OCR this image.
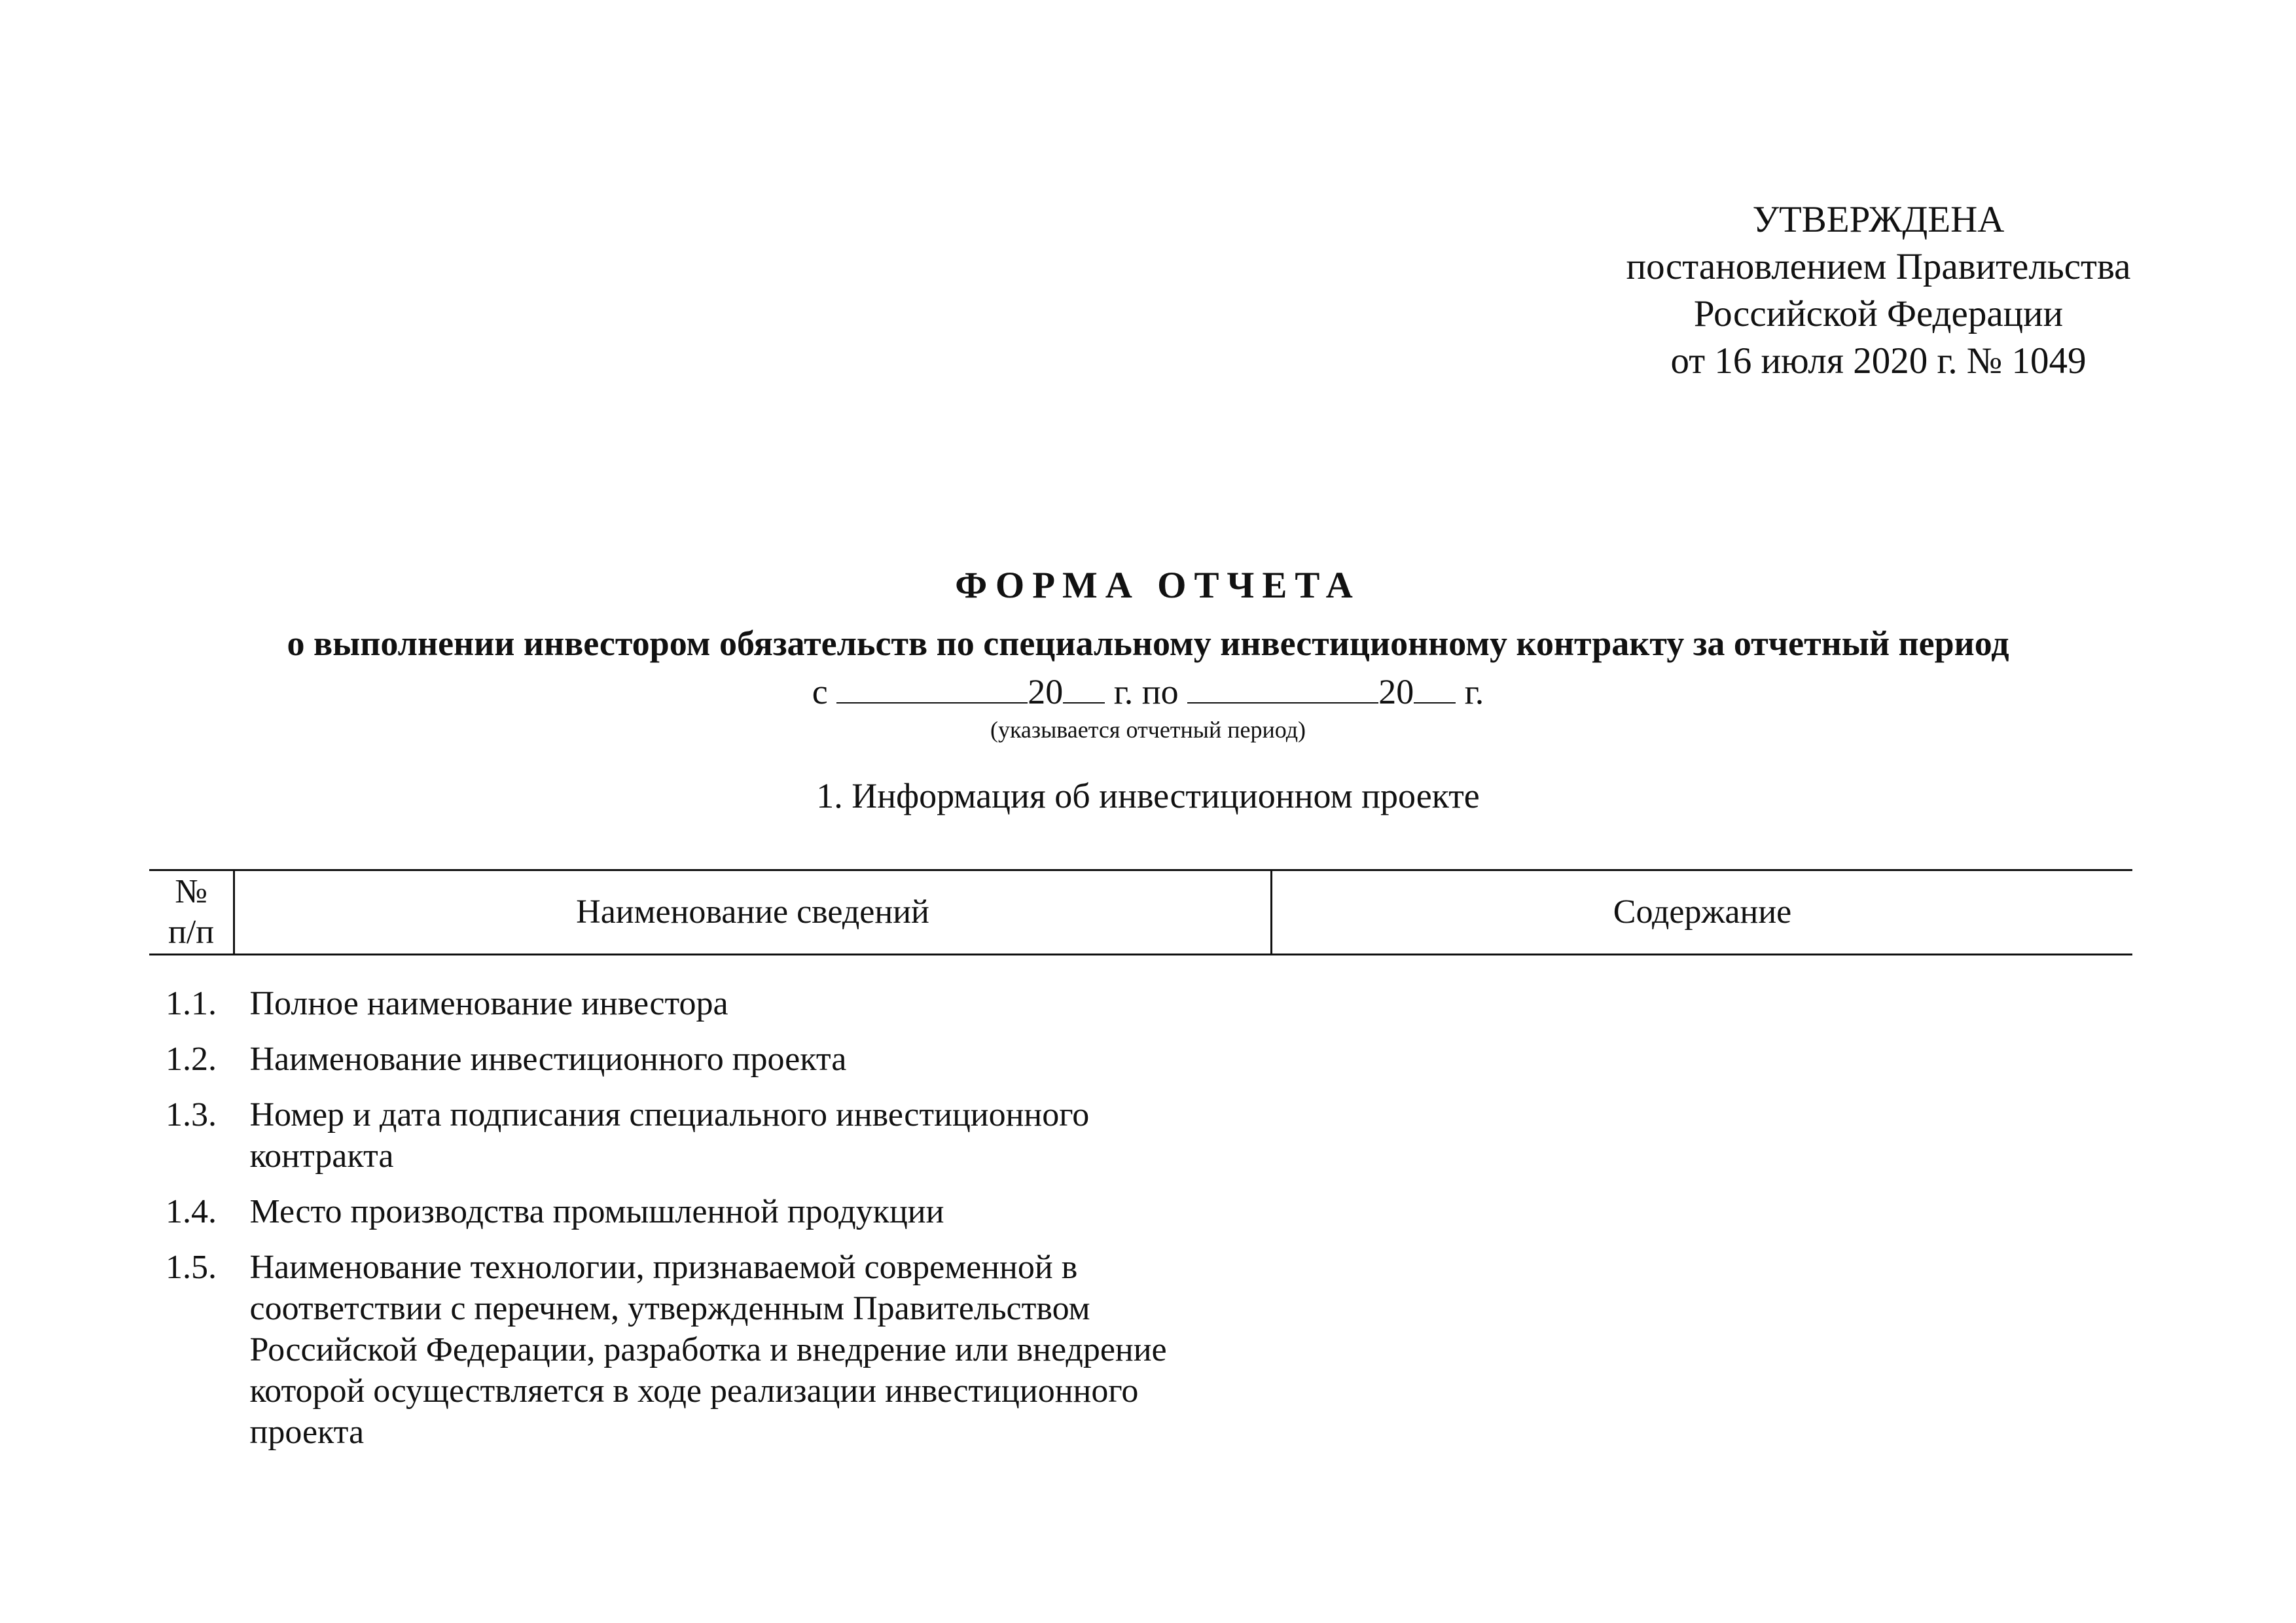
УТВЕРЖДЕНА
постановлением Правительства
Российской Федерации
от 16 июля 2020 г. № 1049
ФОРМА ОТЧЕТА
о выполнении инвестором обязательств по специальному инвестиционному контракту за отчетный период
с	20 г. по	20 г.
(указывается отчетный период)
1. Информация об инвестиционном проекте
№
п/п	Наименование сведений	Содержание
1.1.	Полное наименование инвестора	

1.2.	Наименование инвестиционного проекта	

1.3.	Номер и дата подписания специального инвестиционного контракта	

1.4.	Место производства промышленной продукции	

1.5.	Наименование технологии, признаваемой современной в соответствии с перечнем, утвержденным Правительством Российской Федерации, разработка и внедрение или внедрение которой осуществляется в ходе реализации инвестиционного проекта	
